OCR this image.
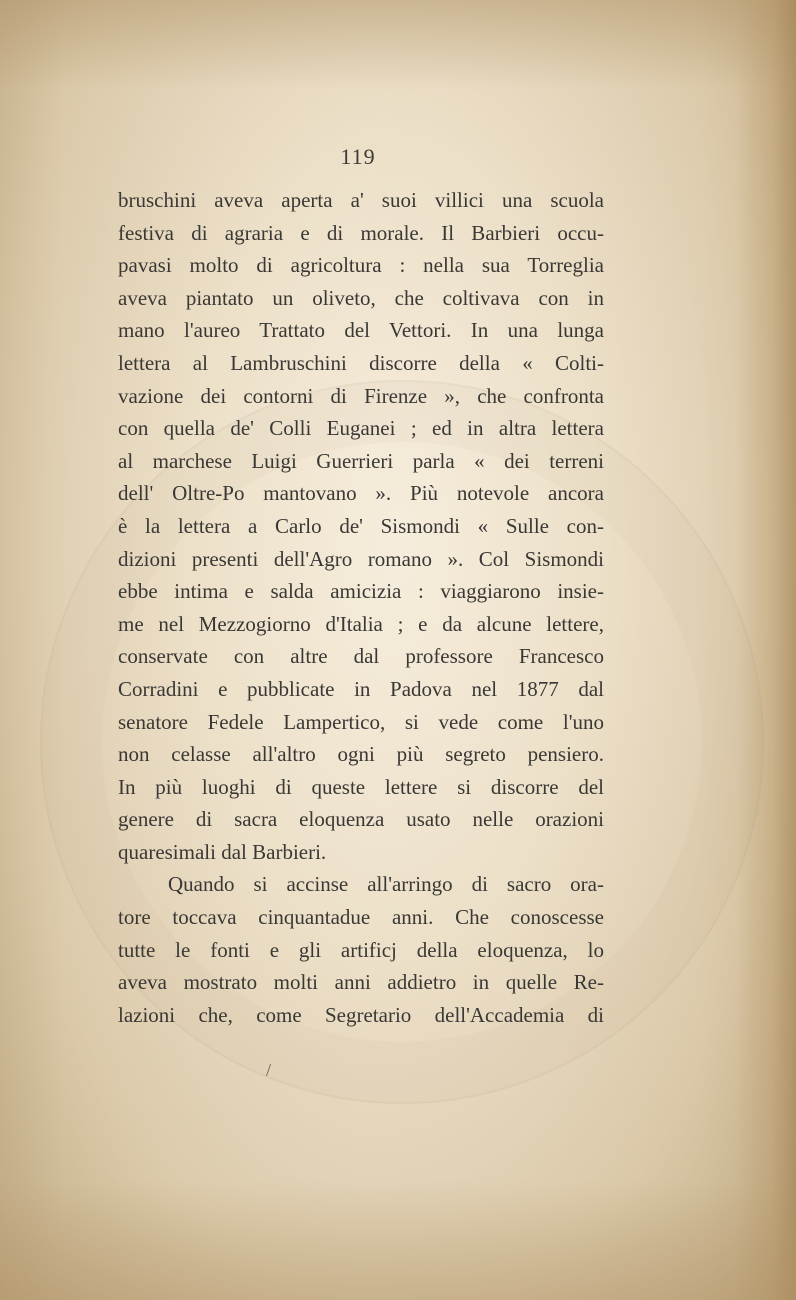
119
bruschini aveva aperta a' suoi villici una scuola
festiva di agraria e di morale. Il Barbieri occu-
pavasi molto di agricoltura : nella sua Torreglia
aveva piantato un oliveto, che coltivava con in
mano l'aureo Trattato del Vettori. In una lunga
lettera al Lambruschini discorre della « Colti-
vazione dei contorni di Firenze », che confronta
con quella de' Colli Euganei ; ed in altra lettera
al marchese Luigi Guerrieri parla « dei terreni
dell' Oltre-Po mantovano ». Più notevole ancora
è la lettera a Carlo de' Sismondi « Sulle con-
dizioni presenti dell'Agro romano ». Col Sismondi
ebbe intima e salda amicizia : viaggiarono insie-
me nel Mezzogiorno d'Italia ; e da alcune lettere,
conservate con altre dal professore Francesco
Corradini e pubblicate in Padova nel 1877 dal
senatore Fedele Lampertico, si vede come l'uno
non celasse all'altro ogni più segreto pensiero.
In più luoghi di queste lettere si discorre del
genere di sacra eloquenza usato nelle orazioni
quaresimali dal Barbieri.
Quando si accinse all'arringo di sacro ora-
tore toccava cinquantadue anni. Che conoscesse
tutte le fonti e gli artificj della eloquenza, lo
aveva mostrato molti anni addietro in quelle Re-
lazioni che, come Segretario dell'Accademia di
/
